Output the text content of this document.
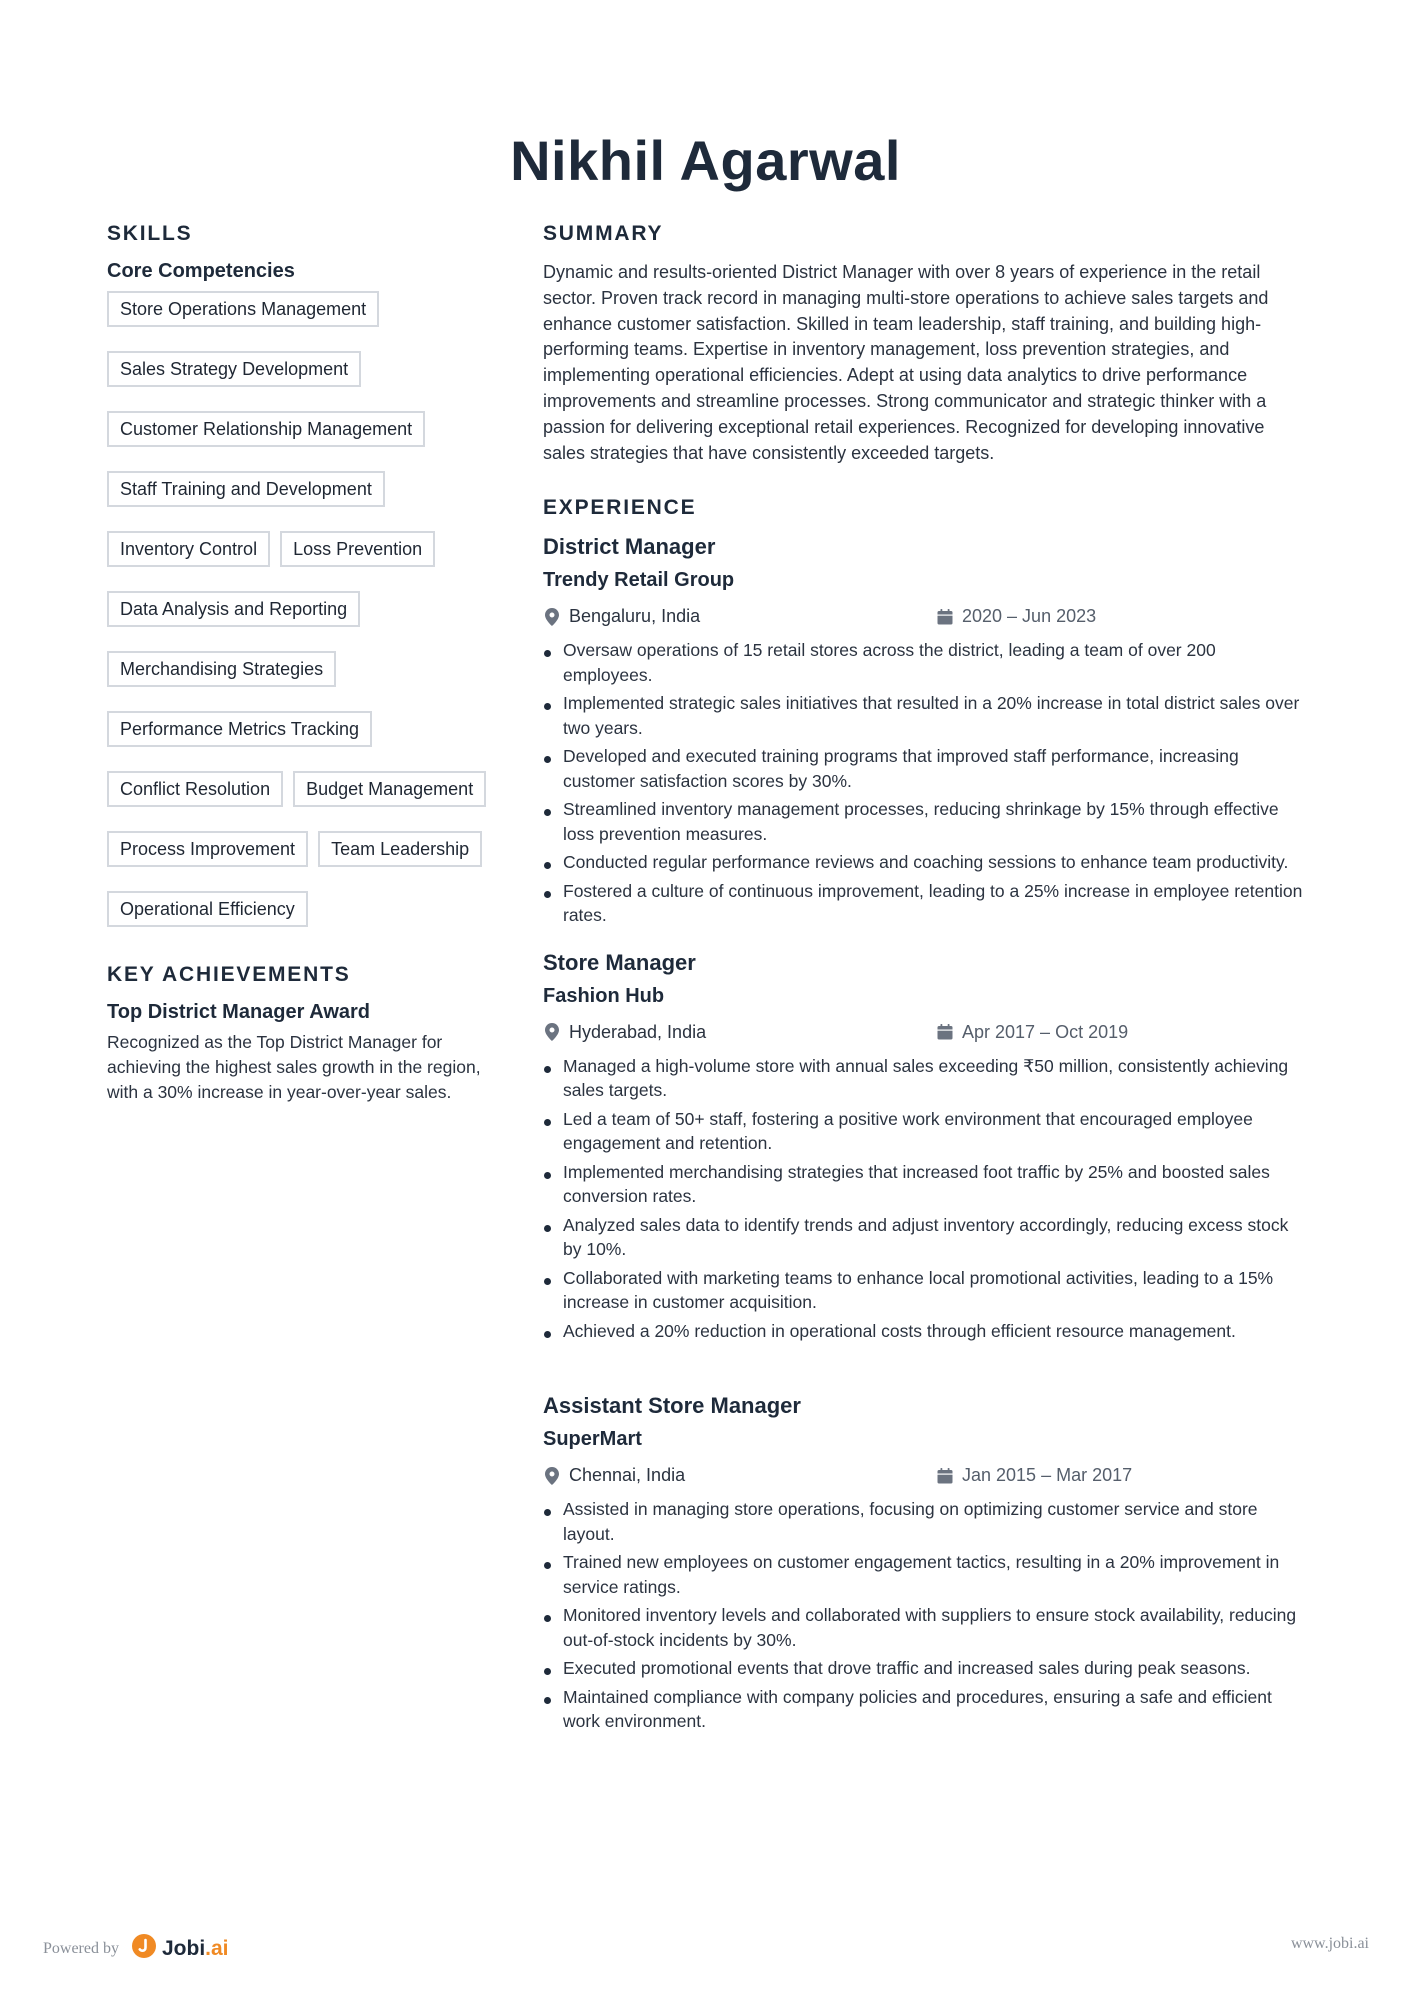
Nikhil Agarwal
SKILLS
Core Competencies
Store Operations Management
Sales Strategy Development
Customer Relationship Management
Staff Training and Development
Inventory Control	Loss Prevention
Data Analysis and Reporting
Merchandising Strategies
Performance Metrics Tracking
Conflict Resolution	Budget Management
Process Improvement	Team Leadership
Operational Efficiency
KEY ACHIEVEMENTS
Top District Manager Award
Recognized as the Top District Manager for achieving the highest sales growth in the region, with a 30% increase in year-over-year sales.
SUMMARY

Dynamic and results-oriented District Manager with over 8 years of experience in the retail sector. Proven track record in managing multi-store operations to achieve sales targets and enhance customer satisfaction. Skilled in team leadership, staff training, and building high-performing teams. Expertise in inventory management, loss prevention strategies, and implementing operational efficiencies. Adept at using data analytics to drive performance improvements and streamline processes. Strong communicator and strategic thinker with a passion for delivering exceptional retail experiences. Recognized for developing innovative sales strategies that have consistently exceeded targets.

EXPERIENCE
District Manager
Trendy Retail Group
Bengaluru, India	2020 – Jun 2023
Oversaw operations of 15 retail stores across the district, leading a team of over 200 employees.
Implemented strategic sales initiatives that resulted in a 20% increase in total district sales over two years.
Developed and executed training programs that improved staff performance, increasing customer satisfaction scores by 30%.
Streamlined inventory management processes, reducing shrinkage by 15% through effective loss prevention measures.
Conducted regular performance reviews and coaching sessions to enhance team productivity.
Fostered a culture of continuous improvement, leading to a 25% increase in employee retention rates.
Store Manager
Fashion Hub
Hyderabad, India	Apr 2017 – Oct 2019
Managed a high-volume store with annual sales exceeding ₹50 million, consistently achieving sales targets.
Led a team of 50+ staff, fostering a positive work environment that encouraged employee engagement and retention.
Implemented merchandising strategies that increased foot traffic by 25% and boosted sales conversion rates.
Analyzed sales data to identify trends and adjust inventory accordingly, reducing excess stock by 10%.
Collaborated with marketing teams to enhance local promotional activities, leading to a 15% increase in customer acquisition.
Achieved a 20% reduction in operational costs through efficient resource management.
Assistant Store Manager
SuperMart
Chennai, India	Jan 2015 – Mar 2017
Assisted in managing store operations, focusing on optimizing customer service and store layout.
Trained new employees on customer engagement tactics, resulting in a 20% improvement in service ratings.
Monitored inventory levels and collaborated with suppliers to ensure stock availability, reducing out-of-stock incidents by 30%.
Executed promotional events that drove traffic and increased sales during peak seasons.
Maintained compliance with company policies and procedures, ensuring a safe and efficient work environment.
Powered by Jobi .ai	www.jobi.ai
